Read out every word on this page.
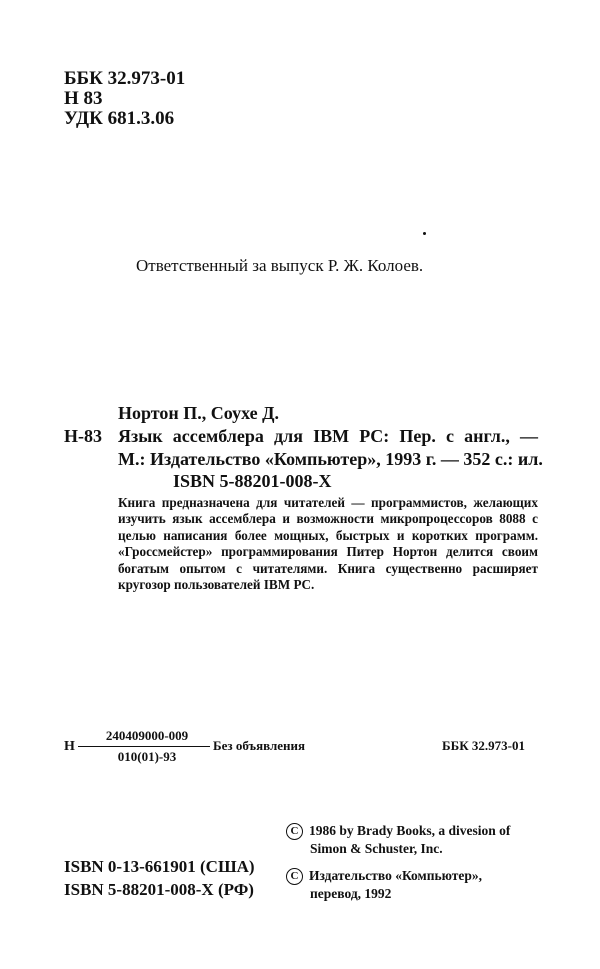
ББК 32.973-01
Н 83
УДК 681.3.06
Ответственный за выпуск Р. Ж. Колоев.
Нортон П., Соухе Д.
Н-83 Язык ассемблера для IBM PC: Пер. с англ., —
М.: Издательство «Компьютер», 1993 г. — 352 с.: ил.
ISBN 5-88201-008-X
Книга предназначена для читателей — программистов, желающих изучить язык ассемблера и возможности микропроцессоров 8088 с целью написания более мощных, быстрых и коротких программ. «Гроссмейстер» программирования Питер Нортон делится своим богатым опытом с читателями. Книга существенно расширяет кругозор пользователей IBM PC.
Н
240409000-009
010(01)-93
Без объявления	ББК 32.973-01
C 1986 by Brady Books, a divesion of
Simon & Schuster, Inc.
ISBN 0-13-661901 (США)
ISBN 5-88201-008-X (РФ)
C Издательство «Компьютер»,
перевод, 1992
